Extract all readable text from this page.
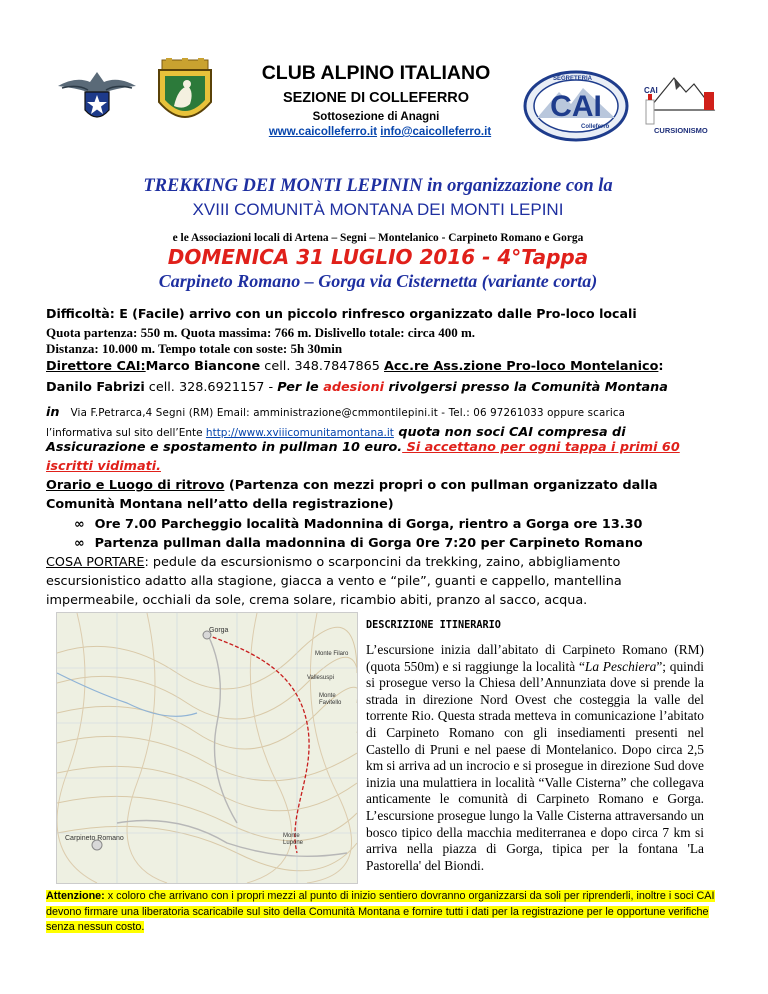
CAI
SEGRETERIA
Colleferro
CAI
CURSIONISMO
CLUB ALPINO ITALIANO
SEZIONE DI COLLEFERRO
Sottosezione di Anagni
www.caicolleferro.it info@caicolleferro.it
TREKKING DEI MONTI LEPININ in organizzazione con la
XVIII COMUNITÀ MONTANA DEI MONTI LEPINI
e le Associazioni locali di Artena – Segni – Montelanico - Carpineto Romano e Gorga
DOMENICA 31 LUGLIO 2016 - 4°Tappa
Carpineto Romano – Gorga via Cisternetta (variante corta)
Difficoltà: E (Facile) arrivo con un piccolo rinfresco organizzato dalle Pro-loco locali
Quota partenza: 550 m. Quota massima: 766 m. Dislivello totale: circa 400 m.
Distanza: 10.000 m. Tempo totale con soste: 5h 30min
Direttore CAI:Marco Biancone cell. 348.7847865 Acc.re Ass.zione Pro-loco Montelanico:
Danilo Fabrizi cell. 328.6921157 - Per le adesioni rivolgersi presso la Comunità Montana
in Via F.Petrarca,4 Segni (RM) Email: amministrazione@cmmontilepini.it - Tel.: 06 97261033 oppure scarica
l’informativa sul sito dell’Ente http://www.xviiicomunitamontana.it quota non soci CAI compresa di
Assicurazione e spostamento in pullman 10 euro. Si accettano per ogni tappa i primi 60
iscritti vidimati.
Orario e Luogo di ritrovo (Partenza con mezzi propri o con pullman organizzato dalla
Comunità Montana nell’atto della registrazione)
∞ Ore 7.00 Parcheggio località Madonnina di Gorga, rientro a Gorga ore 13.30
∞ Partenza pullman dalla madonnina di Gorga 0re 7:20 per Carpineto Romano
COSA PORTARE: pedule da escursionismo o scarponcini da trekking, zaino, abbigliamento
escursionistico adatto alla stagione, giacca a vento e “pile”, guanti e cappello, mantellina
impermeabile, occhiali da sole, crema solare, ricambio abiti, pranzo al sacco, acqua.
Gorga
Monte Filaro
Vallesuspi
Monte Favitello
Carpineto Romano	Monte Lupone
DESCRIZIONE ITINERARIO
L’escursione inizia dall’abitato di Carpineto Romano (RM) (quota 550m) e si raggiunge la località “La Peschiera”; quindi si prosegue verso la Chiesa dell’Annunziata dove si prende la strada in direzione Nord Ovest che costeggia la valle del torrente Rio. Questa strada metteva in comunicazione l’abitato di Carpineto Romano con gli insediamenti presenti nel Castello di Pruni e nel paese di Montelanico. Dopo circa 2,5 km si arriva ad un incrocio e si prosegue in direzione Sud dove inizia una mulattiera in località “Valle Cisterna” che collegava anticamente le comunità di Carpineto Romano e Gorga. L’escursione prosegue lungo la Valle Cisterna attraversando un bosco tipico della macchia mediterranea e dopo circa 7 km si arriva nella piazza di Gorga, tipica per la fontana 'La Pastorella' del Biondi.
Attenzione: x coloro che arrivano con i propri mezzi al punto di inizio sentiero dovranno organizzarsi da soli per riprenderli, inoltre i soci CAI devono firmare una liberatoria scaricabile sul sito della Comunità Montana e fornire tutti i dati per la registrazione per le opportune verifiche senza nessun costo.
